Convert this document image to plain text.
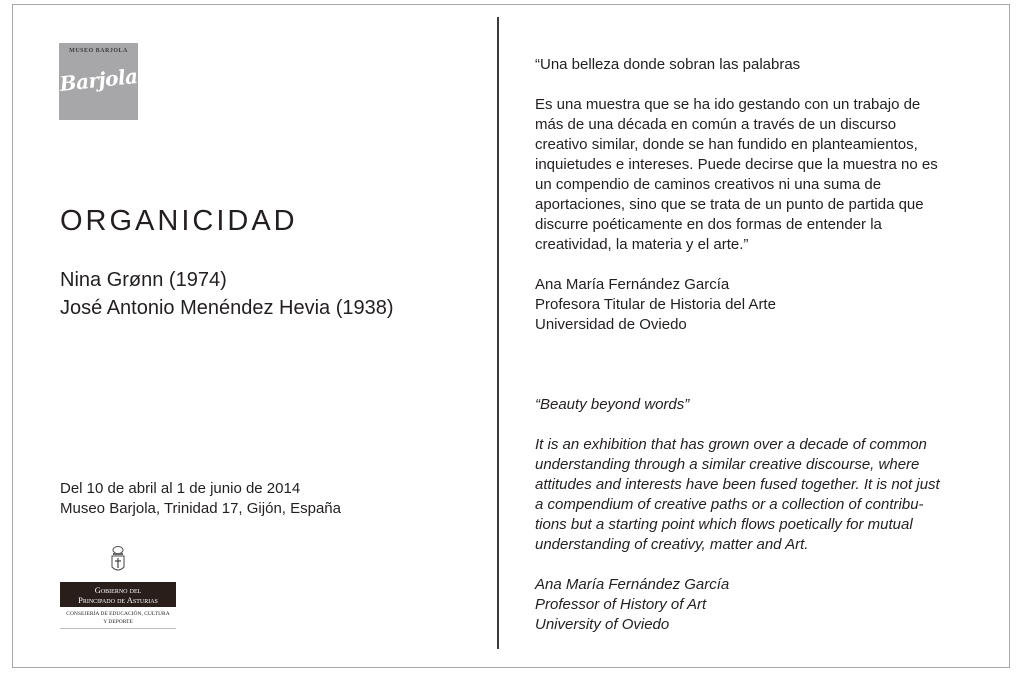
MUSEO BARJOLA
Barjola
ORGANICIDAD
Nina Grønn (1974)
José Antonio Menéndez Hevia (1938)
Del 10 de abril al 1 de junio de 2014
Museo Barjola, Trinidad 17, Gijón, España
Gobierno del
Principado de Asturias
CONSEJERÍA DE EDUCACIÓN, CULTURA
Y DEPORTE

“Una belleza donde sobran las palabras

Es una muestra que se ha ido gestando con un trabajo de

más de una década en común a través de un discurso

creativo similar, donde se han fundido en planteamientos,

inquietudes e intereses. Puede decirse que la muestra no es

un compendio de caminos creativos ni una suma de

aportaciones, sino que se trata de un punto de partida que

discurre poéticamente en dos formas de entender la

creatividad, la materia y el arte.”

Ana María Fernández García

Profesora Titular de Historia del Arte

Universidad de Oviedo

“Beauty beyond words”

It is an exhibition that has grown over a decade of common

understanding through a similar creative discourse, where

attitudes and interests have been fused together. It is not just

a compendium of creative paths or a collection of contribu-

tions but a starting point which flows poetically for mutual

understanding of creativy, matter and Art.

Ana María Fernández García

Professor of History of Art

University of Oviedo
